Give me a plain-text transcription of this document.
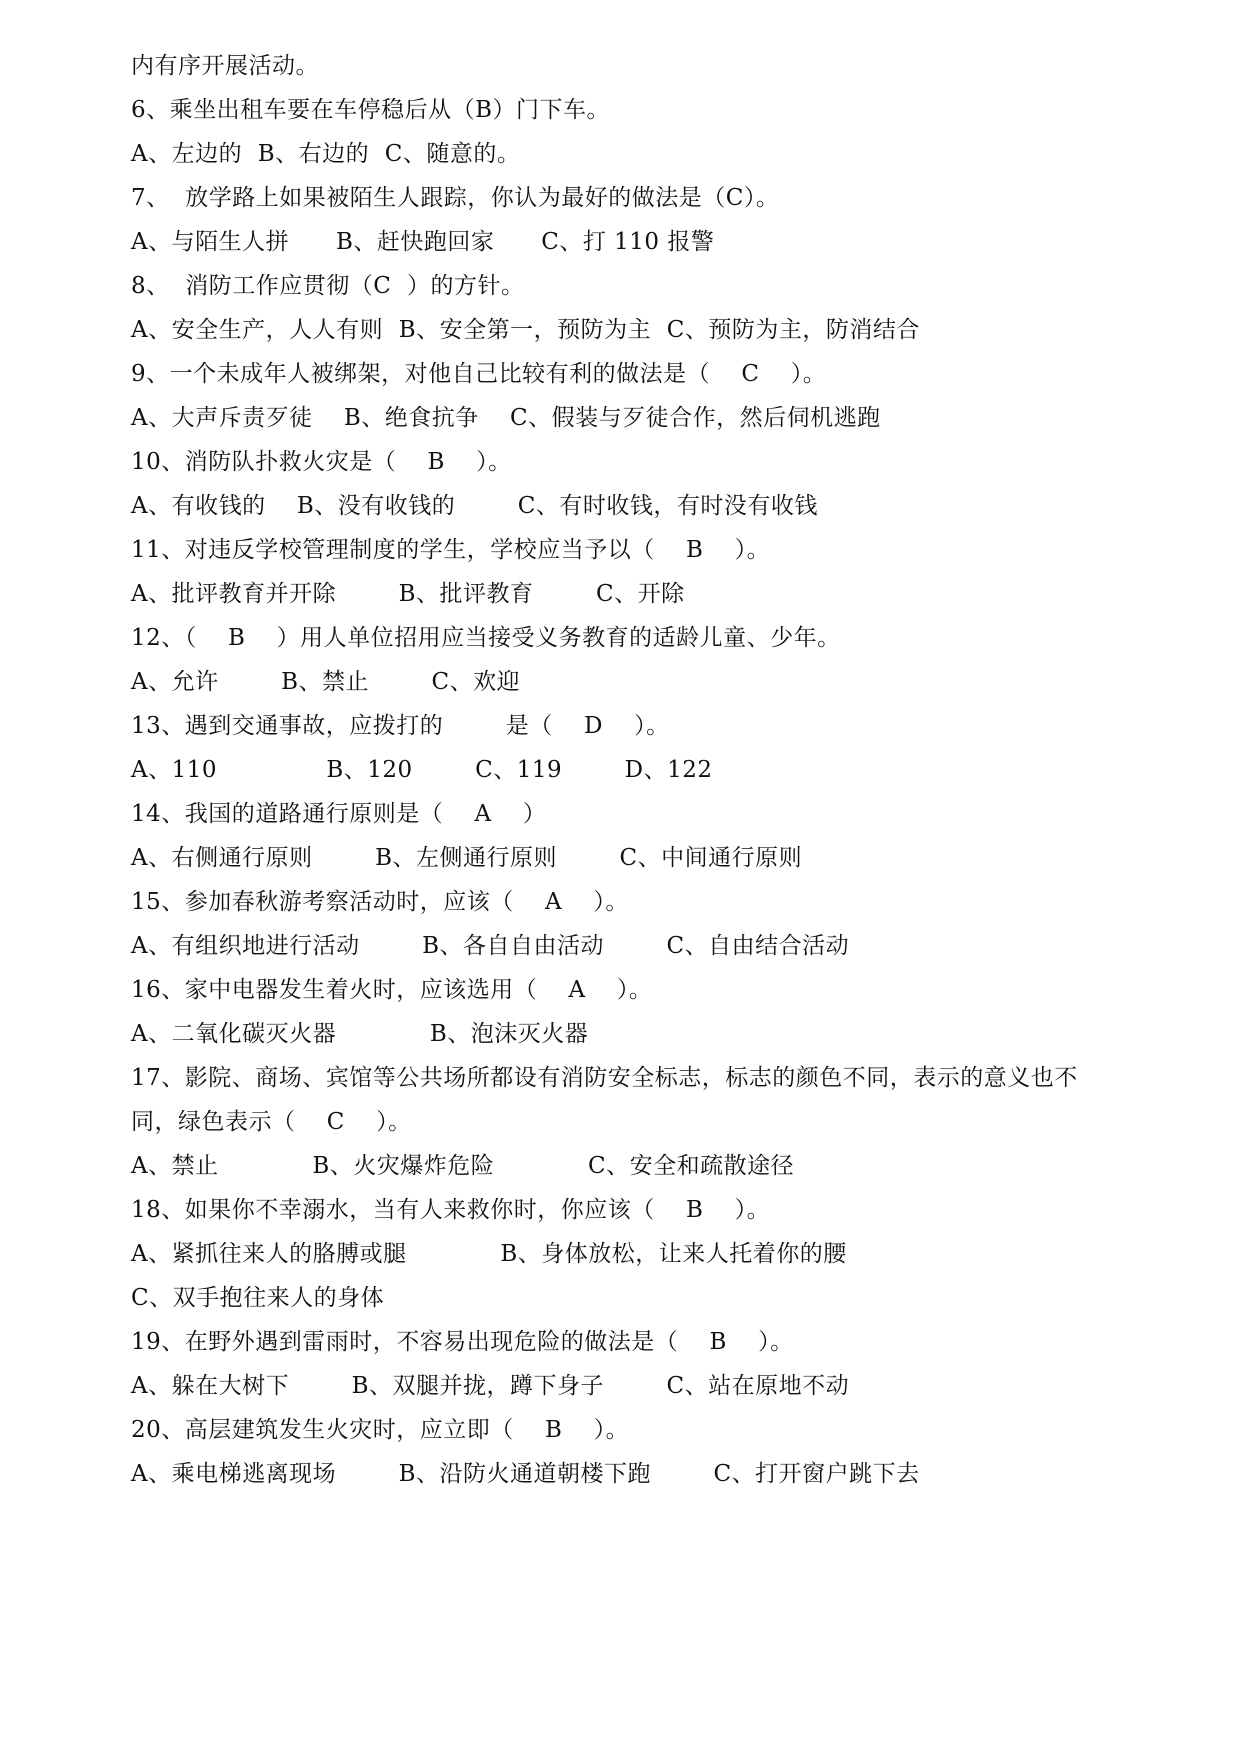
内有序开展活动。
6、乘坐出租车要在车停稳后从（B）门下车。
A、左边的  B、右边的  C、随意的。
7、  放学路上如果被陌生人跟踪，你认为最好的做法是（C）。
A、与陌生人拼      B、赶快跑回家      C、打 110 报警
8、  消防工作应贯彻（C  ）的方针。
A、安全生产，人人有则  B、安全第一，预防为主  C、预防为主，防消结合
9、一个未成年人被绑架，对他自己比较有利的做法是（    C    ）。
A、大声斥责歹徒    B、绝食抗争    C、假装与歹徒合作，然后伺机逃跑
10、消防队扑救火灾是（    B    ）。
A、有收钱的    B、没有收钱的        C、有时收钱，有时没有收钱
11、对违反学校管理制度的学生，学校应当予以（    B    ）。
A、批评教育并开除        B、批评教育        C、开除
12、（    B    ）用人单位招用应当接受义务教育的适龄儿童、少年。
A、允许        B、禁止        C、欢迎
13、遇到交通事故，应拨打的        是（    D    ）。
A、110              B、120        C、119        D、122
14、我国的道路通行原则是（    A    ）
A、右侧通行原则        B、左侧通行原则        C、中间通行原则
15、参加春秋游考察活动时，应该（    A    ）。
A、有组织地进行活动        B、各自自由活动        C、自由结合活动
16、家中电器发生着火时，应该选用（    A    ）。
A、二氧化碳灭火器            B、泡沫灭火器
17、影院、商场、宾馆等公共场所都设有消防安全标志，标志的颜色不同，表示的意义也不
同，绿色表示（    C    ）。
A、禁止            B、火灾爆炸危险            C、安全和疏散途径
18、如果你不幸溺水，当有人来救你时，你应该（    B    ）。
A、紧抓往来人的胳膊或腿            B、身体放松，让来人托着你的腰
C、双手抱往来人的身体
19、在野外遇到雷雨时，不容易出现危险的做法是（    B    ）。
A、躲在大树下        B、双腿并拢，蹲下身子        C、站在原地不动
20、高层建筑发生火灾时，应立即（    B    ）。
A、乘电梯逃离现场        B、沿防火通道朝楼下跑        C、打开窗户跳下去
